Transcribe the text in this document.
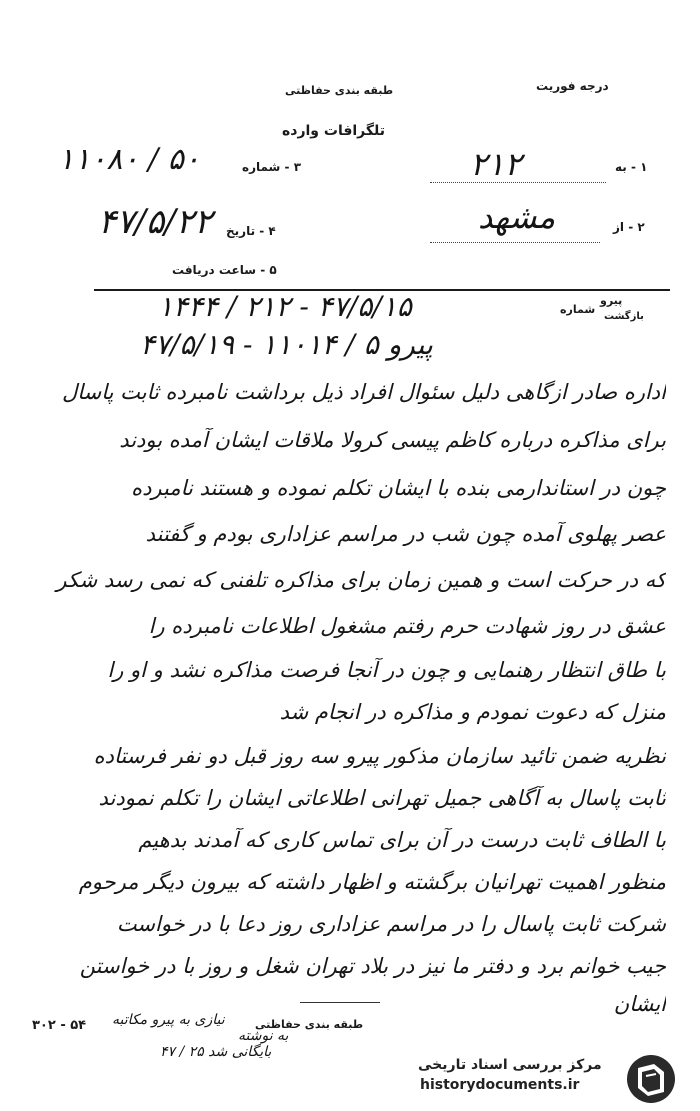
طبقه بندی حفاظتی	درجه فوریت
تلگرافات وارده
۳ - شماره
۵۰ / ۱۱۰۸۰
۴ - تاریخ
۴۷/۵/۲۲
۵ - ساعت دریافت
۱ - به
۲۱۲
۲ - از
مشهد
پیرو
بازگشت
شماره
۴۷/۵/۱۵ - ۲۱۲ / ۱۴۴۴
پیرو ۵ / ۱۱۰۱۴ - ۴۷/۵/۱۹
اداره صادر ازگاهی دلیل سئوال افراد ذیل برداشت نامبرده ثابت پاسال
برای مذاکره درباره کاظم پیسی کرولا ملاقات ایشان آمده بودند
چون در استاندارمی بنده با ایشان تکلم نموده و هستند نامبرده
عصر پهلوی آمده چون شب در مراسم عزاداری بودم و گفتند
که در حرکت است و همین زمان برای مذاکره تلفنی که نمی رسد شکر
عشق در روز شهادت حرم رفتم مشغول اطلاعات نامبرده را
با طاق انتظار رهنمایی و چون در آنجا فرصت مذاکره نشد و او را
منزل که دعوت نمودم و مذاکره در انجام شد
نظریه ضمن تائید سازمان مذکور پیرو سه روز قبل دو نفر فرستاده
ثابت پاسال به آگاهی جمیل تهرانی اطلاعاتی ایشان را تکلم نمودند
با الطاف ثابت درست در آن برای تماس کاری که آمدند بدهیم
منظور اهمیت تهرانیان برگشته و اظهار داشته که بیرون دیگر مرحوم
شرکت ثابت پاسال را در مراسم عزاداری روز دعا با در خواست
جیب خوانم برد و دفتر ما نیز در بلاد تهران شغل و روز با در خواستن
ایشان
۳۰۲ - ۵۴ نیازی به پیرو مکاتبه	طبقه بندی حفاظتی
به نوشته
بایگانی شد ۲۵ / ۴۷
مرکز بررسی اسناد تاریخی
historydocuments.ir
